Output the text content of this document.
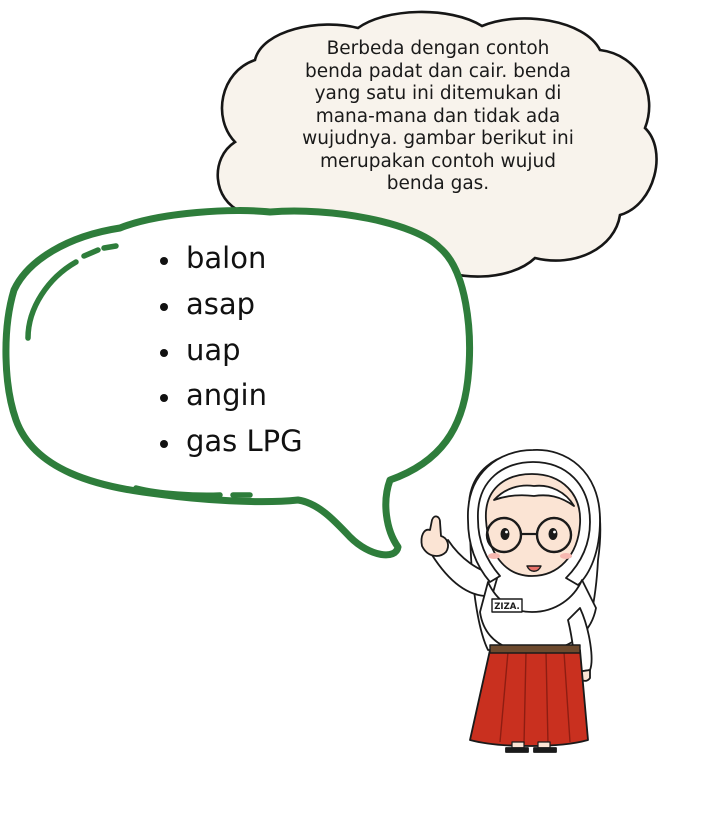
ZIZA.
Berbeda dengan contoh
benda padat dan cair. benda
yang satu ini ditemukan di
mana-mana dan tidak ada
wujudnya. gambar berikut ini
merupakan contoh wujud
benda gas.
• balon
• asap
• uap
• angin
• gas LPG
